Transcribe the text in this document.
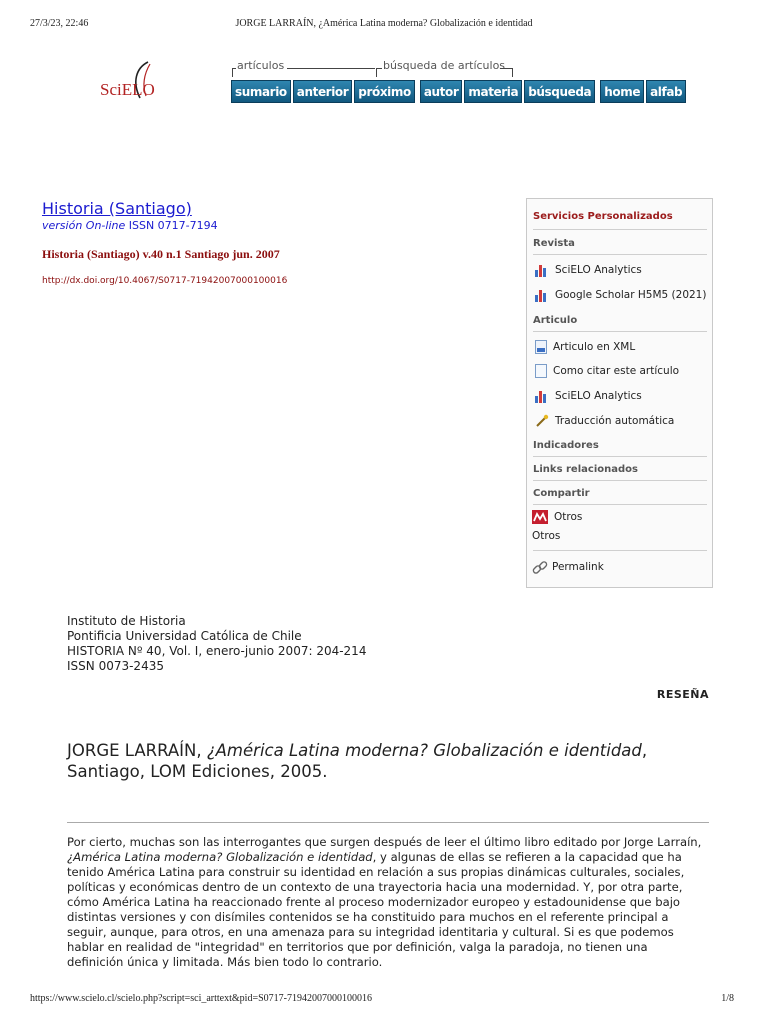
27/3/23, 22:46	JORGE LARRAÍN, ¿América Latina moderna? Globalización e identidad
SciELO
artículos	búsqueda de artículos
sumario anterior próximo	autor materia búsqueda	home alfab
Historia (Santiago)
versión On-line ISSN 0717-7194
Historia (Santiago) v.40 n.1 Santiago jun. 2007
http://dx.doi.org/10.4067/S0717-71942007000100016
Servicios Personalizados
Revista
SciELO Analytics
Google Scholar H5M5 (2021)
Articulo
Articulo en XML
Como citar este artículo
SciELO Analytics
Traducción automática
Indicadores
Links relacionados
Compartir
Otros
Otros
Permalink
Instituto de Historia
Pontificia Universidad Católica de Chile
HISTORIA Nº 40, Vol. I, enero-junio 2007: 204-214
ISSN 0073-2435
RESEÑA
JORGE LARRAÍN, ¿América Latina moderna? Globalización e identidad, Santiago, LOM Ediciones, 2005.
Por cierto, muchas son las interrogantes que surgen después de leer el último libro editado por Jorge Larraín, ¿América Latina moderna? Globalización e identidad, y algunas de ellas se refieren a la capacidad que ha tenido América Latina para construir su identidad en relación a sus propias dinámicas culturales, sociales, políticas y económicas dentro de un contexto de una trayectoria hacia una modernidad. Y, por otra parte, cómo América Latina ha reaccionado frente al proceso modernizador europeo y estadounidense que bajo distintas versiones y con disímiles contenidos se ha constituido para muchos en el referente principal a seguir, aunque, para otros, en una amenaza para su integridad identitaria y cultural. Si es que podemos hablar en realidad de "integridad" en territorios que por definición, valga la paradoja, no tienen una definición única y limitada. Más bien todo lo contrario.
https://www.scielo.cl/scielo.php?script=sci_arttext&pid=S0717-71942007000100016	1/8
